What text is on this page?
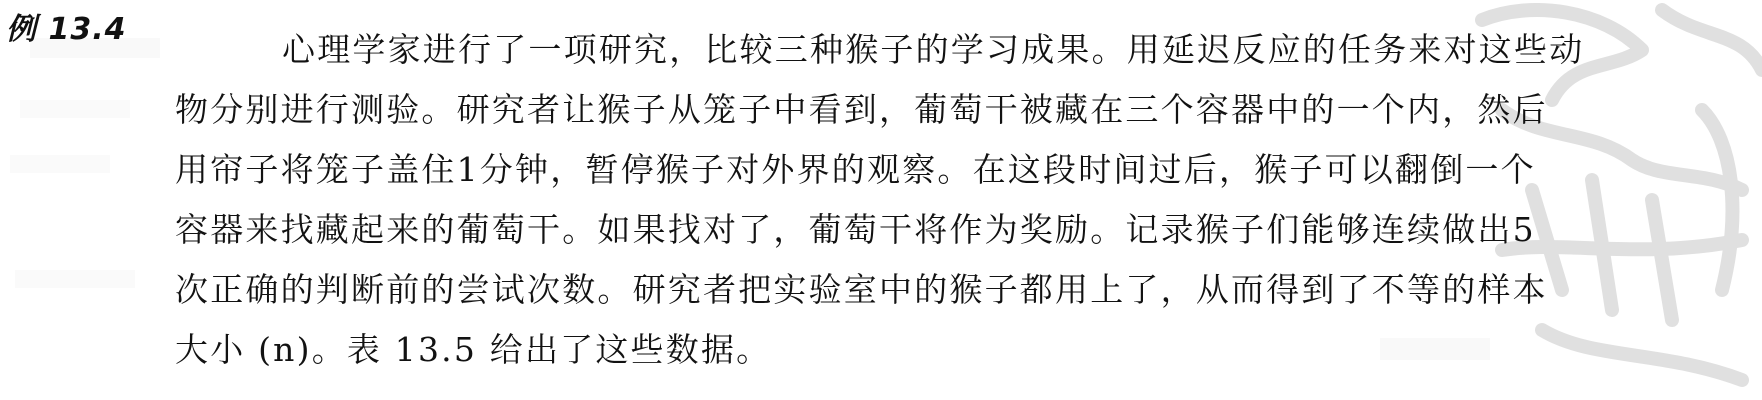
例 13.4
心理学家进行了一项研究，比较三种猴子的学习成果。用延迟反应的任务来对这些动
物分别进行测验。研究者让猴子从笼子中看到，葡萄干被藏在三个容器中的一个内，然后
用帘子将笼子盖住1分钟，暂停猴子对外界的观察。在这段时间过后，猴子可以翻倒一个
容器来找藏起来的葡萄干。如果找对了，葡萄干将作为奖励。记录猴子们能够连续做出5
次正确的判断前的尝试次数。研究者把实验室中的猴子都用上了，从而得到了不等的样本
大小 (n)。表 13.5 给出了这些数据。
